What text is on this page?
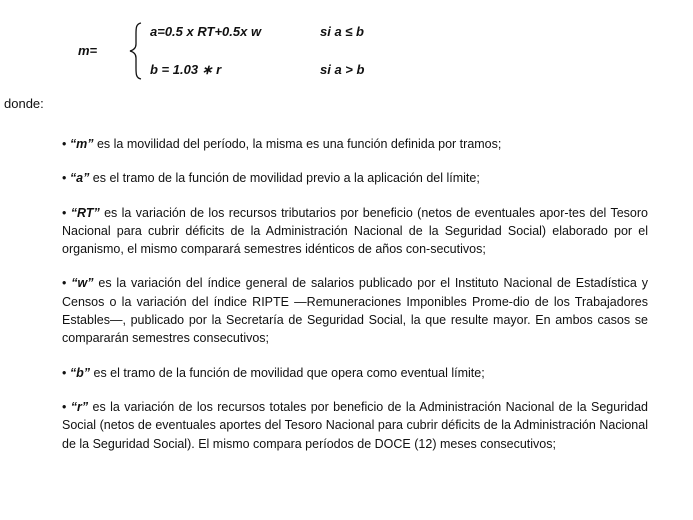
m=
a=0.5 x RT+0.5x w	si a ≤ b
b = 1.03 ∗ r	si a > b
donde:

• “m” es la movilidad del período, la misma es una función definida por tramos;

• “a” es el tramo de la función de movilidad previo a la aplicación del límite;

• “RT” es la variación de los recursos tributarios por beneficio (netos de eventuales apor-tes del Tesoro Nacional para cubrir déficits de la Administración Nacional de la Seguridad Social) elaborado por el organismo, el mismo comparará semestres idénticos de años con-secutivos;

• “w” es la variación del índice general de salarios publicado por el Instituto Nacional de Estadística y Censos o la variación del índice RIPTE —Remuneraciones Imponibles Prome-dio de los Trabajadores Estables—, publicado por la Secretaría de Seguridad Social, la que resulte mayor. En ambos casos se compararán semestres consecutivos;

• “b” es el tramo de la función de movilidad que opera como eventual límite;

• “r” es la variación de los recursos totales por beneficio de la Administración Nacional de la Seguridad Social (netos de eventuales aportes del Tesoro Nacional para cubrir déficits de la Administración Nacional de la Seguridad Social). El mismo compara períodos de DOCE (12) meses consecutivos;
